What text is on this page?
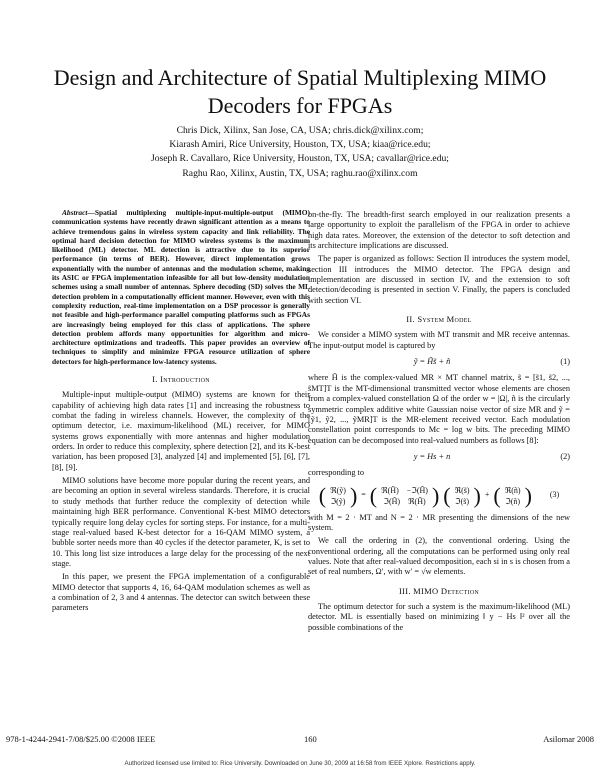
Design and Architecture of Spatial Multiplexing MIMO Decoders for FPGAs
Chris Dick, Xilinx, San Jose, CA, USA; chris.dick@xilinx.com;
Kiarash Amiri, Rice University, Houston, TX, USA; kiaa@rice.edu;
Joseph R. Cavallaro, Rice University, Houston, TX, USA; cavallar@rice.edu;
Raghu Rao, Xilinx, Austin, TX, USA; raghu.rao@xilinx.com

Abstract—Spatial multiplexing multiple-input-multiple-output (MIMO) communication systems have recently drawn significant attention as a means to achieve tremendous gains in wireless system capacity and link reliability. The optimal hard decision detection for MIMO wireless systems is the maximum likelihood (ML) detector. ML detection is attractive due to its superior performance (in terms of BER). However, direct implementation grows exponentially with the number of antennas and the modulation scheme, making its ASIC or FPGA implementation infeasible for all but low-density modulation schemes using a small number of antennas. Sphere decoding (SD) solves the ML detection problem in a computationally efficient manner. However, even with this complexity reduction, real-time implementation on a DSP processor is generally not feasible and high-performance parallel computing platforms such as FPGAs are increasingly being employed for this class of applications. The sphere detection problem affords many opportunities for algorithm and micro-architecture optimizations and tradeoffs. This paper provides an overview of techniques to simplify and minimize FPGA resource utilization of sphere detectors for high-performance low-latency systems.

I. Introduction

Multiple-input multiple-output (MIMO) systems are known for their capability of achieving high data rates [1] and increasing the robustness to combat the fading in wireless channels. However, the complexity of the optimum detector, i.e. maximum-likelihood (ML) receiver, for MIMO systems grows exponentially with more antennas and higher modulation orders. In order to reduce this complexity, sphere detection [2], and its K-best variation, has been proposed [3], analyzed [4] and implemented [5], [6], [7], [8], [9].

MIMO solutions have become more popular during the recent years, and are becoming an option in several wireless standards. Therefore, it is crucial to study methods that further reduce the complexity of detection while maintaining high BER performance. Conventional K-best MIMO detectors typically require long delay cycles for sorting steps. For instance, for a multi-stage real-valued based K-best detector for a 16-QAM MIMO system, a bubble sorter needs more than 40 cycles if the detector parameter, K, is set to 10. This long list size introduces a large delay for the processing of the next stage.

In this paper, we present the FPGA implementation of a configurable MIMO detector that supports 4, 16, 64-QAM modulation schemes as well as a combination of 2, 3 and 4 antennas. The detector can switch between these parameters

on-the-fly. The breadth-first search employed in our realization presents a large opportunity to exploit the parallelism of the FPGA in order to achieve high data rates. Moreover, the extension of the detector to soft detection and its architecture implications are discussed.

The paper is organized as follows: Section II introduces the system model, section III introduces the MIMO detector. The FPGA design and implementation are discussed in section IV, and the extension to soft detection/decoding is presented in section V. Finally, the papers is concluded with section VI.

II. System Model

We consider a MIMO system with MT transmit and MR receive antennas. The input-output model is captured by

ỹ = H̃s̃ + ñ	(1)

where H̃ is the complex-valued MR × MT channel matrix, s̃ = [s̃1, s̃2, ..., s̃MT]T is the MT-dimensional transmitted vector whose elements are chosen from a complex-valued constellation Ω of the order w = |Ω|, ñ is the circularly symmetric complex additive white Gaussian noise vector of size MR and ỹ = [ỹ1, ỹ2, ..., ỹMR]T is the MR-element received vector. Each modulation constellation point corresponds to Mc = log w bits. The preceding MIMO equation can be decomposed into real-valued numbers as follows [8]:

y = Hs + n	(2)

corresponding to

( ℜ(ỹ)
ℑ(ỹ) ) = ( ℜ(H̃) −ℑ(H̃)
ℑ(H̃) ℜ(H̃) ) ( ℜ(s̃)
ℑ(s̃) ) + ( ℜ(ñ)
ℑ(ñ) ) (3)

with M = 2 · MT and N = 2 · MR presenting the dimensions of the new system.

We call the ordering in (2), the conventional ordering. Using the conventional ordering, all the computations can be performed using only real values. Note that after real-valued decomposition, each si in s is chosen from a set of real numbers, Ω′, with w′ = √w elements.

III. MIMO Detection

The optimum detector for such a system is the maximum-likelihood (ML) detector. ML is essentially based on minimizing ‖ y − Hs ‖² over all the possible combinations of the

978-1-4244-2941-7/08/$25.00 ©2008 IEEE	160	Asilomar 2008
Authorized licensed use limited to: Rice University. Downloaded on June 30, 2009 at 16:58 from IEEE Xplore. Restrictions apply.
